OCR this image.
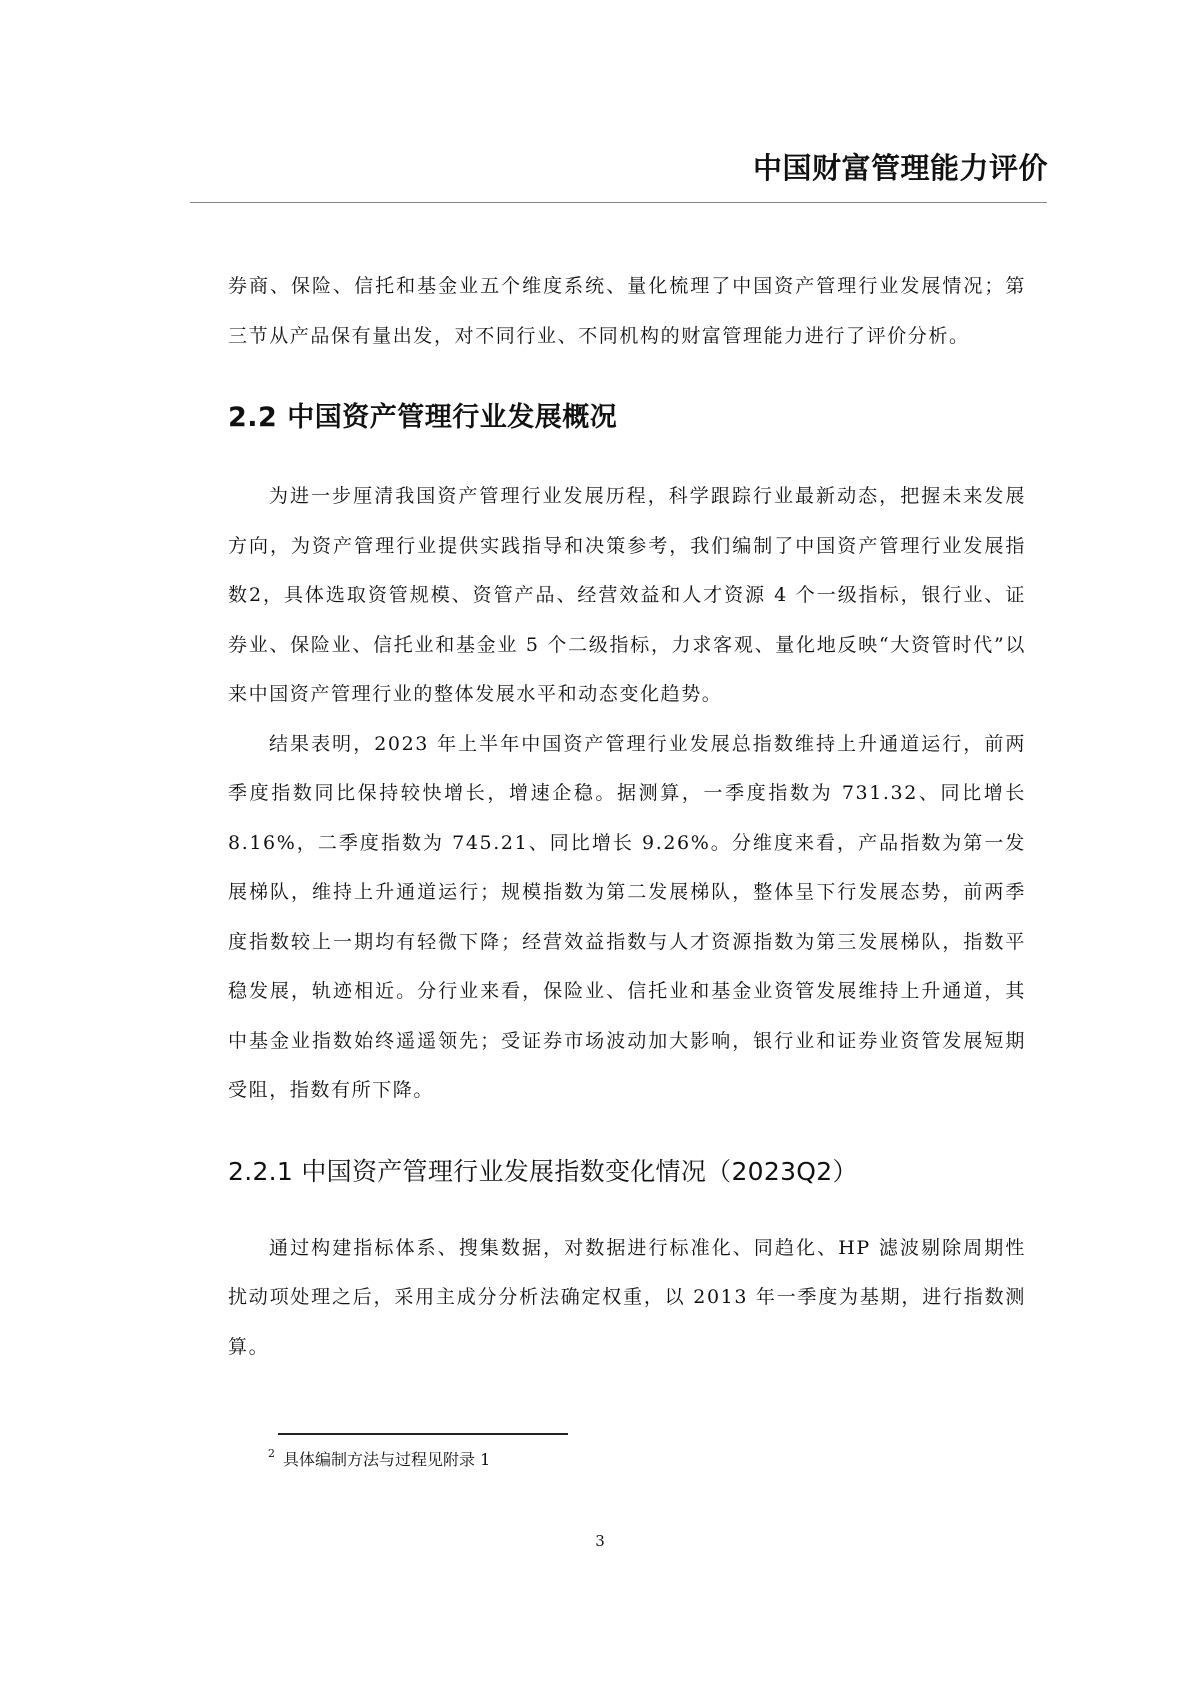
中国财富管理能力评价

券商、保险、信托和基金业五个维度系统、量化梳理了中国资产管理行业发展情况；第三节从产品保有量出发，对不同行业、不同机构的财富管理能力进行了评价分析。

2.2 中国资产管理行业发展概况

为进一步厘清我国资产管理行业发展历程，科学跟踪行业最新动态，把握未来发展方向，为资产管理行业提供实践指导和决策参考，我们编制了中国资产管理行业发展指数2，具体选取资管规模、资管产品、经营效益和人才资源 4 个一级指标，银行业、证券业、保险业、信托业和基金业 5 个二级指标，力求客观、量化地反映“大资管时代”以来中国资产管理行业的整体发展水平和动态变化趋势。

结果表明，2023 年上半年中国资产管理行业发展总指数维持上升通道运行，前两季度指数同比保持较快增长，增速企稳。据测算，一季度指数为 731.32、同比增长 8.16%，二季度指数为 745.21、同比增长 9.26%。分维度来看，产品指数为第一发展梯队，维持上升通道运行；规模指数为第二发展梯队，整体呈下行发展态势，前两季度指数较上一期均有轻微下降；经营效益指数与人才资源指数为第三发展梯队，指数平稳发展，轨迹相近。分行业来看，保险业、信托业和基金业资管发展维持上升通道，其中基金业指数始终遥遥领先；受证券市场波动加大影响，银行业和证券业资管发展短期受阻，指数有所下降。

2.2.1 中国资产管理行业发展指数变化情况（2023Q2）

通过构建指标体系、搜集数据，对数据进行标准化、同趋化、HP 滤波剔除周期性扰动项处理之后，采用主成分分析法确定权重，以 2013 年一季度为基期，进行指数测算。

$^2$ 具体编制方法与过程见附录 1
3
